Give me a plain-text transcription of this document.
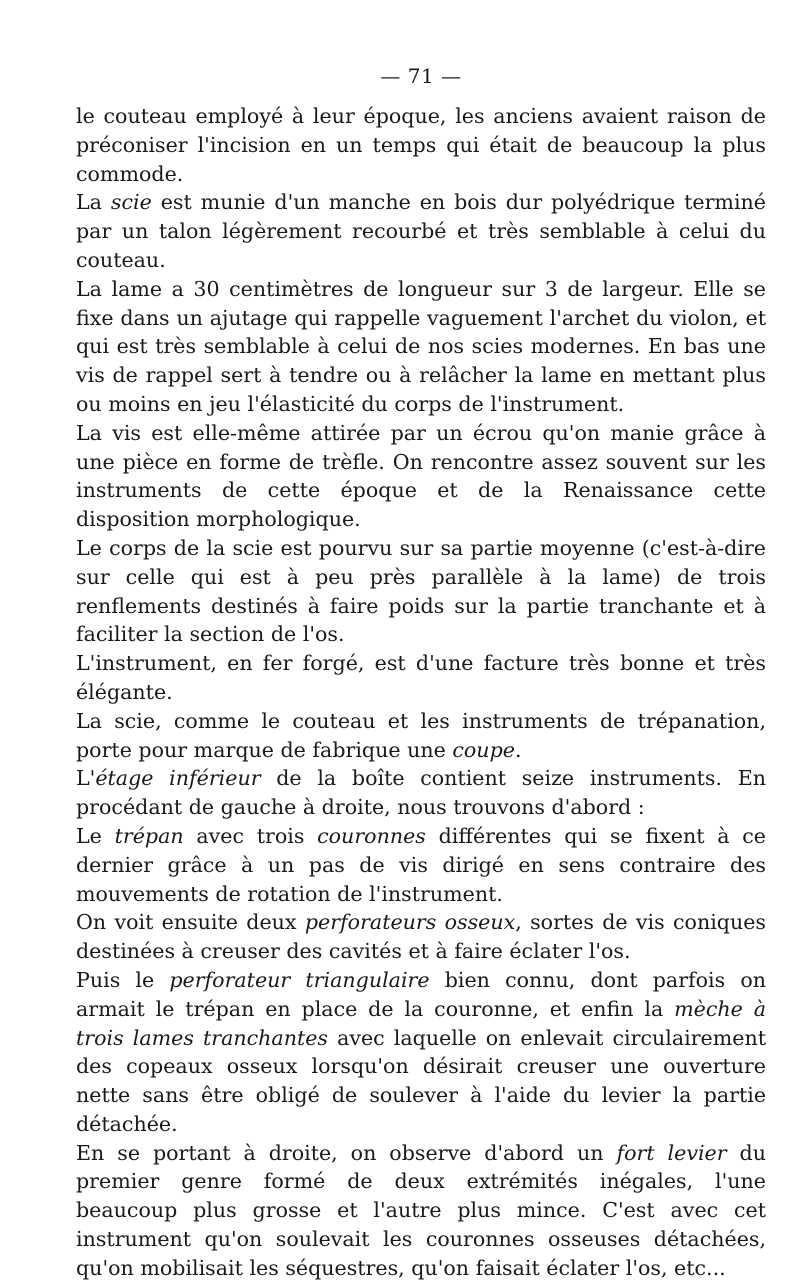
— 71 —

le couteau employé à leur époque, les anciens avaient raison de préconiser l'incision en un temps qui était de beaucoup la plus commode.

La scie est munie d'un manche en bois dur polyédrique terminé par un talon légèrement recourbé et très semblable à celui du couteau.

La lame a 30 centimètres de longueur sur 3 de largeur. Elle se fixe dans un ajutage qui rappelle vaguement l'archet du violon, et qui est très semblable à celui de nos scies modernes. En bas une vis de rappel sert à tendre ou à relâcher la lame en mettant plus ou moins en jeu l'élasticité du corps de l'instrument.

La vis est elle-même attirée par un écrou qu'on manie grâce à une pièce en forme de trèfle. On rencontre assez souvent sur les instruments de cette époque et de la Renaissance cette disposition morphologique.

Le corps de la scie est pourvu sur sa partie moyenne (c'est-à-dire sur celle qui est à peu près parallèle à la lame) de trois renflements destinés à faire poids sur la partie tranchante et à faciliter la section de l'os.

L'instrument, en fer forgé, est d'une facture très bonne et très élégante.

La scie, comme le couteau et les instruments de trépanation, porte pour marque de fabrique une coupe.

L'étage inférieur de la boîte contient seize instruments. En procédant de gauche à droite, nous trouvons d'abord :

Le trépan avec trois couronnes différentes qui se fixent à ce dernier grâce à un pas de vis dirigé en sens contraire des mouvements de rotation de l'instrument.

On voit ensuite deux perforateurs osseux, sortes de vis coniques destinées à creuser des cavités et à faire éclater l'os.

Puis le perforateur triangulaire bien connu, dont parfois on armait le trépan en place de la couronne, et enfin la mèche à trois lames tranchantes avec laquelle on enlevait circulairement des copeaux osseux lorsqu'on désirait creuser une ouverture nette sans être obligé de soulever à l'aide du levier la partie détachée.

En se portant à droite, on observe d'abord un fort levier du premier genre formé de deux extrémités inégales, l'une beaucoup plus grosse et l'autre plus mince. C'est avec cet instrument qu'on soulevait les couronnes osseuses détachées, qu'on mobilisait les séquestres, qu'on faisait éclater l'os, etc...
